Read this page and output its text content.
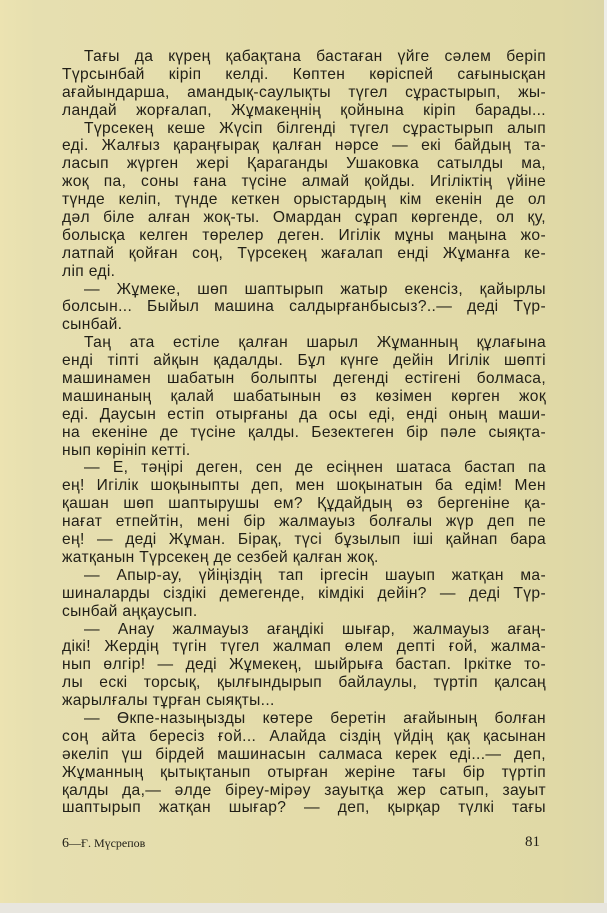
Тағы да күрең қабақтана бастаған үйге сәлем беріп
Түрсынбай кіріп келді. Көптен көріспей сағынысқан
ағайындарша, амандық-саулықты түгел сұрастырып, жы-
ландай жорғалап, Жұмакеңнің қойнына кіріп барады...
Түрсекең кеше Жүсіп білгенді түгел сұрастырып алып
еді. Жалғыз қараңғырақ қалған нәрсе — екі байдың та-
ласып жүрген жері Қараганды Ушаковка сатылды ма,
жоқ па, соны ғана түсіне алмай қойды. Игіліктің үйіне
түнде келіп, түнде кеткен орыстардың кім екенін де ол
дәл біле алған жоқ-ты. Омардан сұрап көргенде, ол қу,
болысқа келген төрелер деген. Игілік мұны маңына жо-
латпай қойған соң, Түрсекең жағалап енді Жұманға ке-
ліп еді.
— Жұмеке, шөп шаптырып жатыр екенсіз, қайырлы
болсын... Быйыл машина салдырғанбысыз?..— деді Түр-
сынбай.
Таң ата естіле қалған шарыл Жұманның құлағына
енді тіпті айқын қадалды. Бұл күнге дейін Игілік шөпті
машинамен шабатын болыпты дегенді естігені болмаса,
машинаның қалай шабатынын өз көзімен көрген жоқ
еді. Даусын естіп отырғаны да осы еді, енді оның маши-
на екеніне де түсіне қалды. Безектеген бір пәле сыяқта-
нып көрініп кетті.
— Е, тәңірі деген, сен де есіңнен шатаса бастап па
ең! Игілік шоқыныпты деп, мен шоқынатын ба едім! Мен
қашан шөп шаптырушы ем? Құдайдың өз бергеніне қа-
нағат етпейтін, мені бір жалмауыз болғалы жүр деп пе
ең! — деді Жұман. Бірақ, түсі бұзылып іші қайнап бара
жатқанын Түрсекең де сезбей қалған жоқ.
— Апыр-ау, үйіңіздің тап іргесін шауып жатқан ма-
шиналарды сіздікі демегенде, кімдікі дейін? — деді Түр-
сынбай аңқаусып.
— Анау жалмауыз ағаңдікі шығар, жалмауыз ағаң-
дікі! Жердің түгін түгел жалмап өлем депті ғой, жалма-
нып өлгір! — деді Жұмекең, шыйрыға бастап. Іркітке то-
лы ескі торсық, қылғындырып байлаулы, түртіп қалсаң
жарылғалы тұрған сыяқты...
— Өкпе-назыңызды көтере беретін ағайының болған
соң айта бересіз ғой... Алайда сіздің үйдің қақ қасынан
әкеліп үш бірдей машинасын салмаса керек еді...— деп,
Жұманның қытықтанып отырған жеріне тағы бір түртіп
қалды да,— әлде біреу-мірәу зауытқа жер сатып, зауыт
шаптырып жатқан шығар? — деп, қырқар түлкі тағы
6—Ғ. Мүсрепов	81
